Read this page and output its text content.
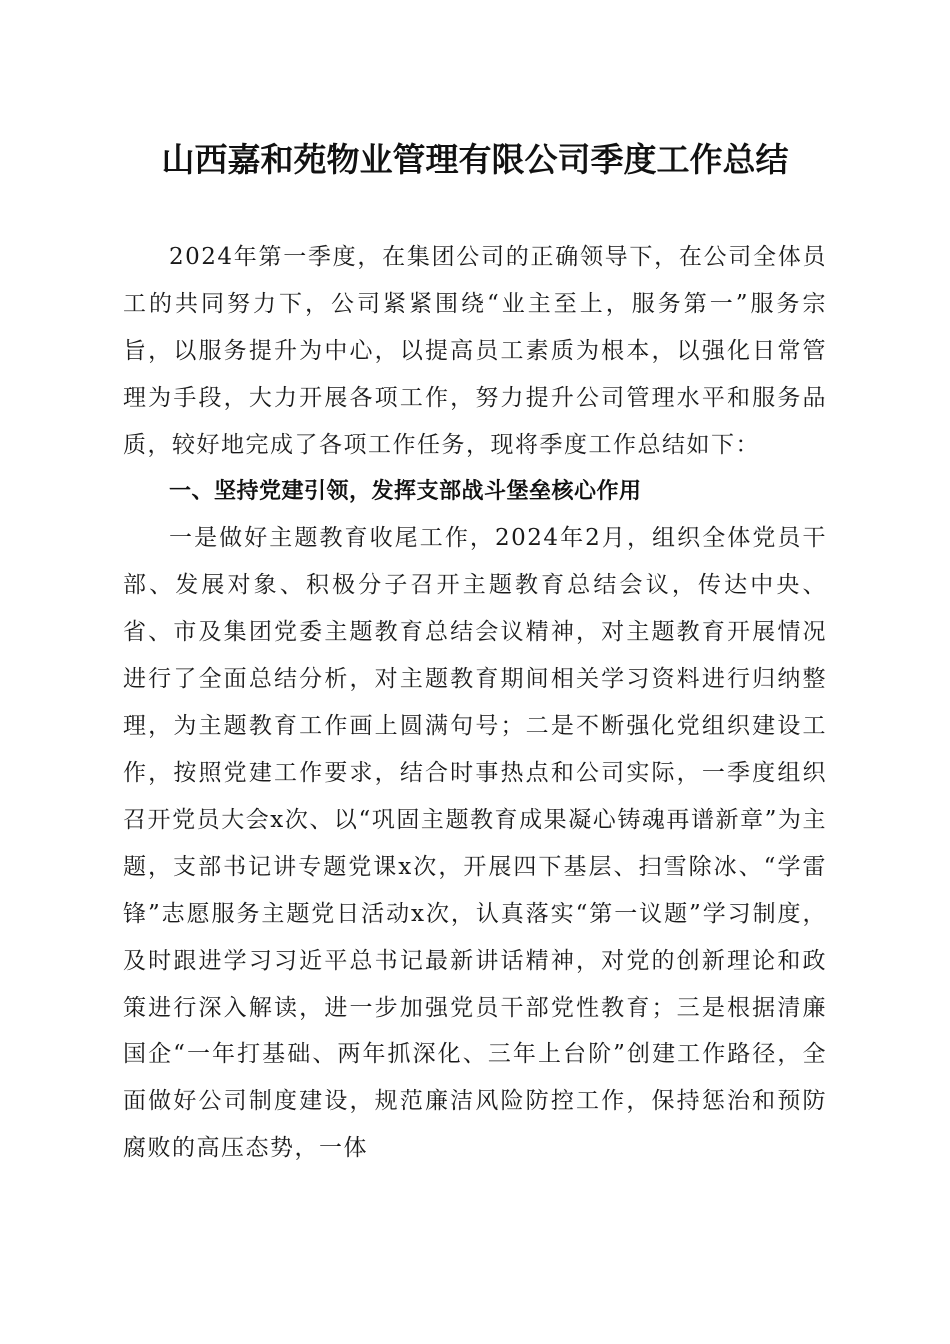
山西嘉和苑物业管理有限公司季度工作总结

2024年第一季度，在集团公司的正确领导下，在公司全体员工的共同努力下，公司紧紧围绕“业主至上，服务第一”服务宗旨，以服务提升为中心，以提高员工素质为根本，以强化日常管理为手段，大力开展各项工作，努力提升公司管理水平和服务品质，较好地完成了各项工作任务，现将季度工作总结如下：

一、坚持党建引领，发挥支部战斗堡垒核心作用

一是做好主题教育收尾工作，2024年2月，组织全体党员干部、发展对象、积极分子召开主题教育总结会议，传达中央、省、市及集团党委主题教育总结会议精神，对主题教育开展情况进行了全面总结分析，对主题教育期间相关学习资料进行归纳整理，为主题教育工作画上圆满句号；二是不断强化党组织建设工作，按照党建工作要求，结合时事热点和公司实际，一季度组织召开党员大会x次、以“巩固主题教育成果凝心铸魂再谱新章”为主题，支部书记讲专题党课x次，开展四下基层、扫雪除冰、“学雷锋”志愿服务主题党日活动x次，认真落实“第一议题”学习制度，及时跟进学习习近平总书记最新讲话精神，对党的创新理论和政策进行深入解读，进一步加强党员干部党性教育；三是根据清廉国企“一年打基础、两年抓深化、三年上台阶”创建工作路径，全面做好公司制度建设，规范廉洁风险防控工作，保持惩治和预防腐败的高压态势，一体
